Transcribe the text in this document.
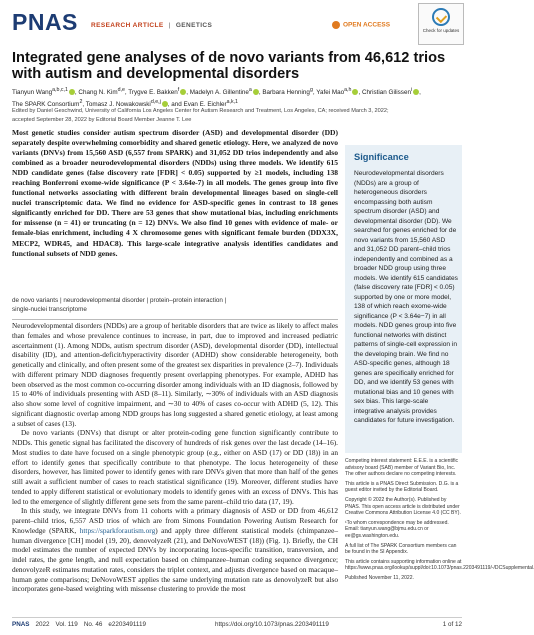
PNAS RESEARCH ARTICLE | GENETICS	OPEN ACCESS
Check for updates
Integrated gene analyses of de novo variants from 46,612 trios with autism and developmental disorders
Tianyun Wang$^{a,b,c,1}$ , Chang N. Kim$^{d,e}$, Trygve E. Bakken$^f$ , Madelyn A. Gillentine$^a$ , Barbara Henning$^g$, Yafei Mao$^{a,h}$ , Christian Gilissen$^i$ ,
The SPARK Consortium$^2$, Tomasz J. Nowakowski$^{d,e,j}$ , and Evan E. Eichler$^{a,k,1}$
Edited by Daniel Geschwind, University of California Los Angeles Center for Autism Research and Treatment, Los Angeles, CA; received March 3, 2022;
accepted September 28, 2022 by Editorial Board Member Jeanne T. Lee
Most genetic studies consider autism spectrum disorder (ASD) and developmental disorder (DD) separately despite overwhelming comorbidity and shared genetic etiology. Here, we analyzed de novo variants (DNVs) from 15,560 ASD (6,557 from SPARK) and 31,052 DD trios independently and also combined as a broader neurodevelopmental disorders (NDDs) using three models. We identify 615 NDD candidate genes (false discovery rate [FDR] < 0.05) supported by ≥1 models, including 138 reaching Bonferroni exome-wide significance (P < 3.64e-7) in all models. The genes group into five functional networks associating with different brain developmental lineages based on single-cell nuclei transcriptomic data. We find no evidence for ASD-specific genes in contrast to 18 genes significantly enriched for DD. There are 53 genes that show mutational bias, including enrichments for missense (n = 41) or truncating (n = 12) DNVs. We also find 10 genes with evidence of male- or female-bias enrichment, including 4 X chromosome genes with significant female burden (DDX3X, MECP2, WDR45, and HDAC8). This large-scale integrative analysis identifies candidates and functional subsets of NDD genes.
de novo variants | neurodevelopmental disorder | protein–protein interaction |
single-nuclei transcriptome

Neurodevelopmental disorders (NDDs) are a group of heritable disorders that are twice as likely to affect males than females and whose prevalence continues to increase, in part, due to improved and increased pediatric ascertainment (1). Among NDDs, autism spectrum disorder (ASD), developmental disorder (DD), intellectual disability (ID), and attention-deficit/hyperactivity disorder (ADHD) show considerable heterogeneity, both genetically and clinically, and often present some of the greatest sex disparities in prevalence (2–7). Individuals with different primary NDD diagnoses frequently present overlapping phenotypes. For example, ADHD has been observed as the most common co-occurring disorder among individuals with an ID diagnosis, followed by 15 to 40% of individuals presenting with ASD (8–11). Similarly, ∼30% of individuals with an ASD diagnosis also show some level of cognitive impairment, and ∼30 to 40% of cases co-occur with ADHD (5, 12). This significant diagnostic overlap among NDD groups has long suggested a shared genetic etiology, at least among a subset of cases (13).

De novo variants (DNVs) that disrupt or alter protein-coding gene function significantly contribute to NDDs. This genetic signal has facilitated the discovery of hundreds of risk genes over the last decade (14–16). Most studies to date have focused on a single phenotypic group (e.g., either on ASD (17) or DD (18)) in an effort to identify genes that specifically contribute to that phenotype. The locus heterogeneity of these disorders, however, has limited power to identify genes with rare DNVs given that more than half of the genes still await a sufficient number of cases to reach statistical significance (19). Moreover, different studies have tended to apply different statistical or evolutionary models to identify genes with an excess of DNVs. This has led to the emergence of slightly different gene sets from the same parent–child trio data (17, 19).

In this study, we integrate DNVs from 11 cohorts with a primary diagnosis of ASD or DD from 46,612 parent–child trios, 6,557 ASD trios of which are from Simons Foundation Powering Autism Research for Knowledge (SPARK, https://sparkforautism.org) and apply three different statistical models (chimpanzee–human divergence [CH] model (19, 20), denovolyzeR (21), and DeNovoWEST (18)) (Fig. 1). Briefly, the CH model estimates the number of expected DNVs by incorporating locus-specific transition, transversion, and indel rates, the gene length, and null expectation based on chimpanzee–human coding sequence divergence; denovolyzeR estimates mutation rates, considers the triplet context, and adjusts divergence based on macaque–human gene comparisons; DeNovoWEST applies the same underlying mutation rate as denovolyzeR but also incorporates gene-based weighting with missense clustering to provide the most

Significance
Neurodevelopmental disorders (NDDs) are a group of heterogeneous disorders encompassing both autism spectrum disorder (ASD) and developmental disorder (DD). We searched for genes enriched for de novo variants from 15,560 ASD and 31,052 DD parent–child trios independently and combined as a broader NDD group using three models. We identify 615 candidates (false discovery rate [FDR] < 0.05) supported by one or more model, 138 of which reach exome-wide significance (P < 3.64e−7) in all models. NDD genes group into five functional networks with distinct patterns of single-cell expression in the developing brain. We find no ASD-specific genes, although 18 genes are specifically enriched for DD, and we identify 53 genes with mutational bias and 10 genes with sex bias. This large-scale integrative analysis provides candidates for future investigation.

Competing interest statement: E.E.E. is a scientific advisory board (SAB) member of Variant Bio, Inc. The other authors declare no competing interests.

This article is a PNAS Direct Submission. D.G. is a guest editor invited by the Editorial Board.

Copyright © 2022 the Author(s). Published by PNAS. This open access article is distributed under Creative Commons Attribution License 4.0 (CC BY).

¹To whom correspondence may be addressed. Email: tianyun.wang@bjmu.edu.cn or ee@gs.washington.edu.

A full list of The SPARK Consortium members can be found in the SI Appendix.

This article contains supporting information online at https://www.pnas.org/lookup/suppl/doi:10.1073/pnas.2203491119/-/DCSupplemental.

Published November 11, 2022.

PNAS 2022 Vol. 119 No. 46 e2203491119	https://doi.org/10.1073/pnas.2203491119	1 of 12
